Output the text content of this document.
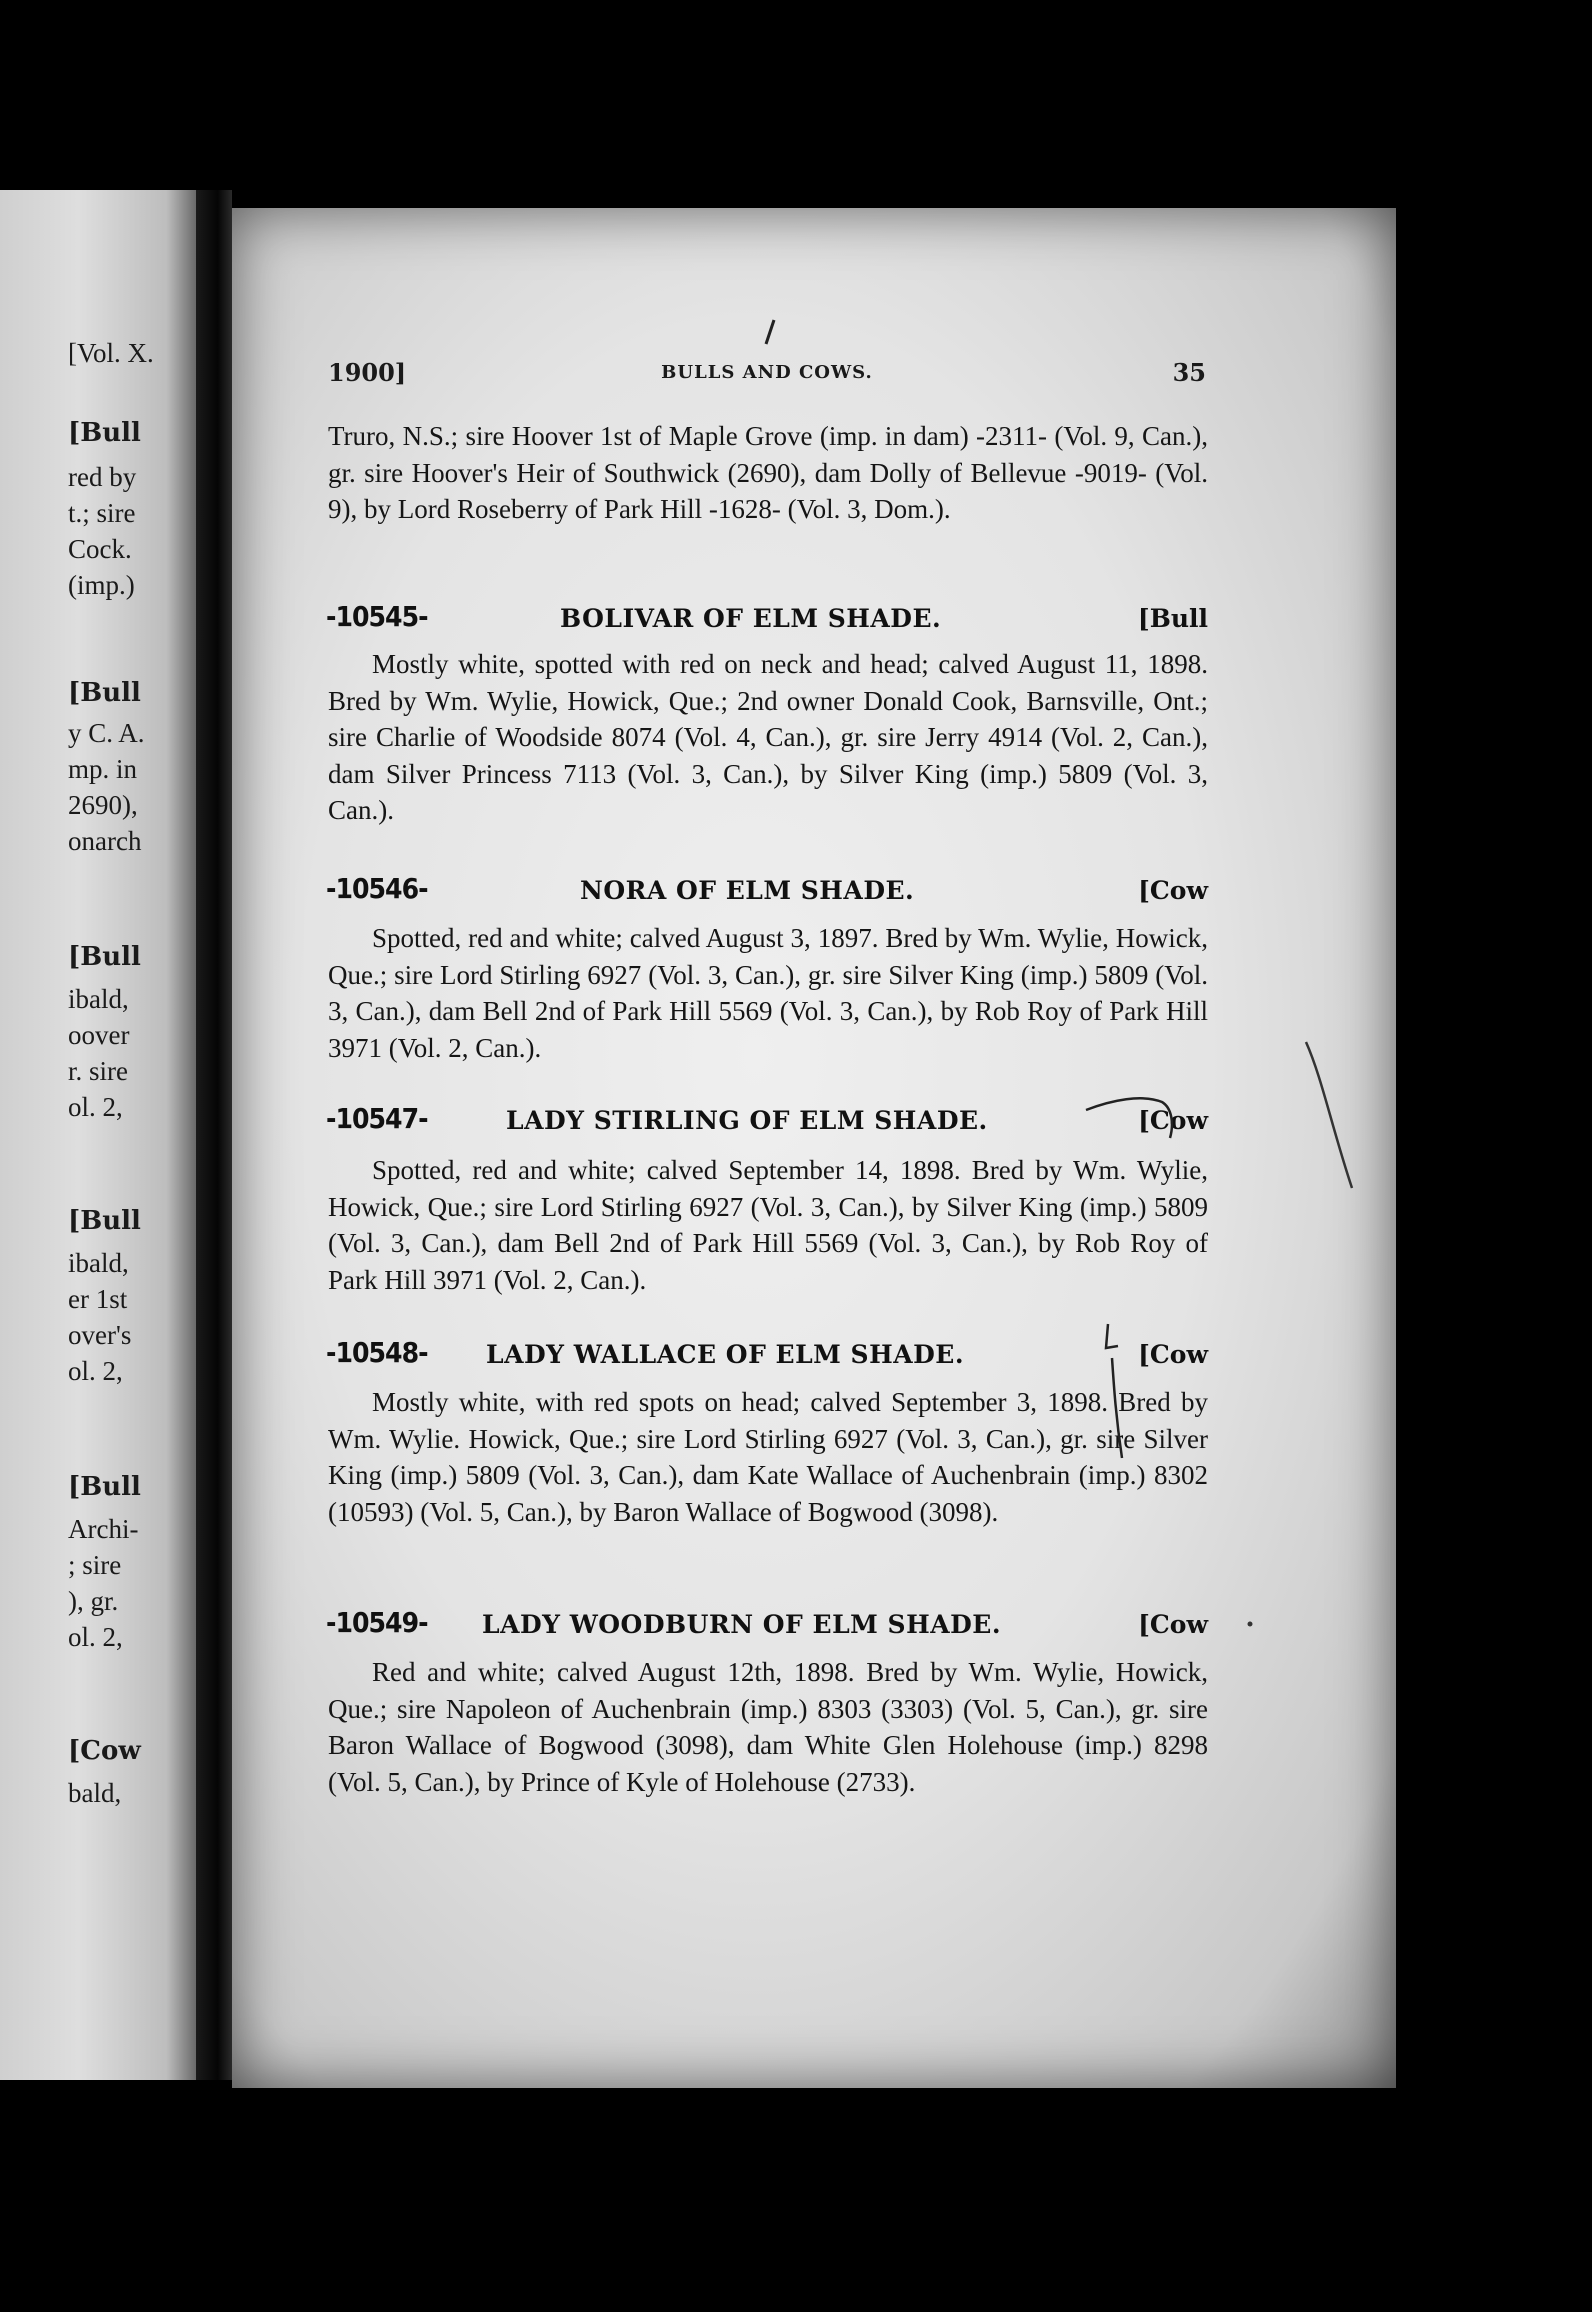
[Vol. X.
[Bull
red by
t.; sire
Cock.
(imp.)
[Bull
y C. A.
mp. in
2690),
onarch
[Bull
ibald,
oover
r. sire
ol. 2,
[Bull
ibald,
er 1st
over's
ol. 2,
[Bull
Archi-
; sire
), gr.
ol. 2,
[Cow
bald,
1900]	BULLS AND COWS.	35
Truro, N.S.; sire Hoover 1st of Maple Grove (imp. in dam) -2311- (Vol. 9, Can.), gr. sire Hoover's Heir of Southwick (2690), dam Dolly of Bellevue -9019- (Vol. 9), by Lord Roseberry of Park Hill -1628- (Vol. 3, Dom.).
-10545-	BOLIVAR OF ELM SHADE.	[Bull
Mostly white, spotted with red on neck and head; calved August 11, 1898. Bred by Wm. Wylie, Howick, Que.; 2nd owner Donald Cook, Barnsville, Ont.; sire Charlie of Woodside 8074 (Vol. 4, Can.), gr. sire Jerry 4914 (Vol. 2, Can.), dam Silver Princess 7113 (Vol. 3, Can.), by Silver King (imp.) 5809 (Vol. 3, Can.).
-10546-	NORA OF ELM SHADE.	[Cow
Spotted, red and white; calved August 3, 1897. Bred by Wm. Wylie, Howick, Que.; sire Lord Stirling 6927 (Vol. 3, Can.), gr. sire Silver King (imp.) 5809 (Vol. 3, Can.), dam Bell 2nd of Park Hill 5569 (Vol. 3, Can.), by Rob Roy of Park Hill 3971 (Vol. 2, Can.).
-10547-	LADY STIRLING OF ELM SHADE.	[Cow
Spotted, red and white; calved September 14, 1898. Bred by Wm. Wylie, Howick, Que.; sire Lord Stirling 6927 (Vol. 3, Can.), by Silver King (imp.) 5809 (Vol. 3, Can.), dam Bell 2nd of Park Hill 5569 (Vol. 3, Can.), by Rob Roy of Park Hill 3971 (Vol. 2, Can.).
-10548- LADY WALLACE OF ELM SHADE.	[Cow
Mostly white, with red spots on head; calved September 3, 1898. Bred by Wm. Wylie. Howick, Que.; sire Lord Stirling 6927 (Vol. 3, Can.), gr. sire Silver King (imp.) 5809 (Vol. 3, Can.), dam Kate Wallace of Auchenbrain (imp.) 8302 (10593) (Vol. 5, Can.), by Baron Wallace of Bogwood (3098).
-10549- LADY WOODBURN OF ELM SHADE.	[Cow
Red and white; calved August 12th, 1898. Bred by Wm. Wylie, Howick, Que.; sire Napoleon of Auchenbrain (imp.) 8303 (3303) (Vol. 5, Can.), gr. sire Baron Wallace of Bogwood (3098), dam White Glen Holehouse (imp.) 8298 (Vol. 5, Can.), by Prince of Kyle of Holehouse (2733).
